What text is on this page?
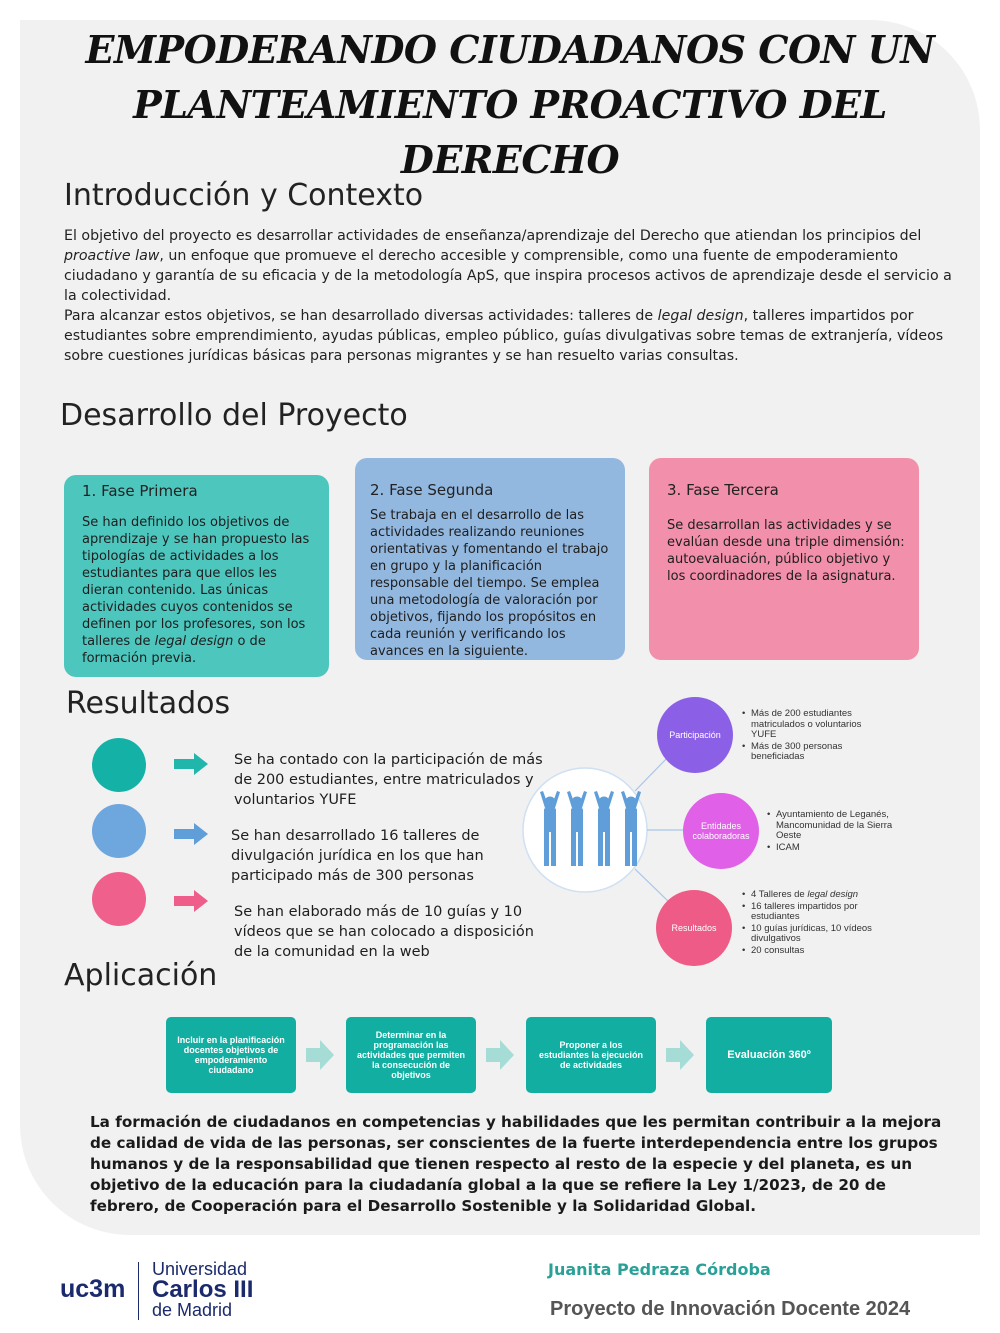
EMPODERANDO CIUDADANOS CON UN
PLANTEAMIENTO PROACTIVO DEL
DERECHO
Introducción y Contexto

El objetivo del proyecto es desarrollar actividades de enseñanza/aprendizaje del Derecho que atiendan los principios del proactive law, un enfoque que promueve el derecho accesible y comprensible, como una fuente de empoderamiento ciudadano y garantía de su eficacia y de la metodología ApS, que inspira procesos activos de aprendizaje desde el servicio a la colectividad.

Para alcanzar estos objetivos, se han desarrollado diversas actividades: talleres de legal design, talleres impartidos por estudiantes sobre emprendimiento, ayudas públicas, empleo público, guías divulgativas sobre temas de extranjería, vídeos sobre cuestiones jurídicas básicas para personas migrantes y se han resuelto varias consultas.

Desarrollo del Proyecto
1. Fase Primera
Se han definido los objetivos de aprendizaje y se han propuesto las tipologías de actividades a los estudiantes para que ellos les dieran contenido. Las únicas actividades cuyos contenidos se definen por los profesores, son los talleres de legal design o de formación previa.
2. Fase Segunda
Se trabaja en el desarrollo de las actividades realizando reuniones orientativas y fomentando el trabajo en grupo y la planificación responsable del tiempo. Se emplea una metodología de valoración por objetivos, fijando los propósitos en cada reunión y verificando los avances en la siguiente.
3. Fase Tercera
Se desarrollan las actividades y se evalúan desde una triple dimensión: autoevaluación, público objetivo y los coordinadores de la asignatura.
Resultados

Se ha contado con la participación de más de 200 estudiantes, entre matriculados y voluntarios YUFE

Se han desarrollado 16 talleres de divulgación jurídica en los que han participado más de 300 personas

Se han elaborado más de 10 guías y 10 vídeos que se han colocado a disposición de la comunidad en la web

Participación
Entidades colaboradoras
Resultados
• Más de 200 estudiantes matriculados o voluntarios YUFE
• Más de 300 personas beneficiadas
• Ayuntamiento de Leganés, Mancomunidad de la Sierra Oeste
• ICAM
• 4 Talleres de legal design
• 16 talleres impartidos por estudiantes
• 10 guías jurídicas, 10 vídeos divulgativos
• 20 consultas
Aplicación
Incluir en la planificación docentes objetivos de empoderamiento ciudadano
Determinar en la programación las actividades que permiten la consecución de objetivos
Proponer a los estudiantes la ejecución de actividades
Evaluación 360º

La formación de ciudadanos en competencias y habilidades que les permitan contribuir a la mejora de calidad de vida de las personas, ser conscientes de la fuerte interdependencia entre los grupos humanos y de la responsabilidad que tienen respecto al resto de la especie y del planeta, es un objetivo de la educación para la ciudadanía global a la que se refiere la Ley 1/2023, de 20 de febrero, de Cooperación para el Desarrollo Sostenible y la Solidaridad Global.

uc3m

Universidad

Carlos III

de Madrid

Juanita Pedraza Córdoba

Proyecto de Innovación Docente 2024
